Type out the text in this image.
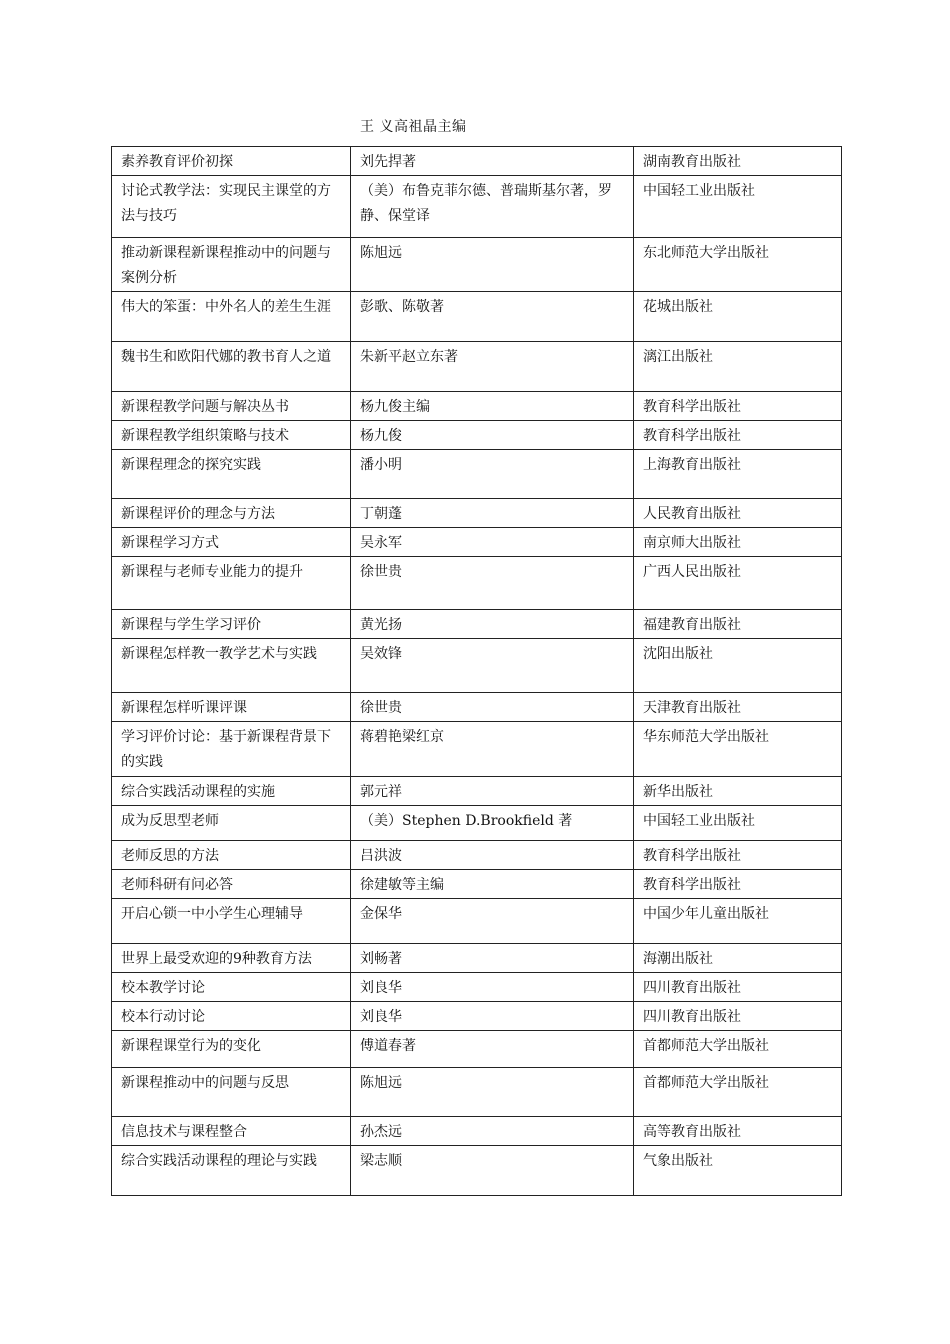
王 义高祖晶主编
素养教育评价初探	刘先捍著	湖南教育出版社
讨论式教学法：实现民主课堂的方法与技巧	（美）布鲁克菲尔德、普瑞斯基尔著，罗静、保堂译	中国轻工业出版社
推动新课程新课程推动中的问题与案例分析	陈旭远	东北师范大学出版社
伟大的笨蛋：中外名人的差生生涯	彭歌、陈敬著	花城出版社
魏书生和欧阳代娜的教书育人之道	朱新平赵立东著	漓江出版社
新课程教学问题与解决丛书	杨九俊主编	教育科学出版社
新课程教学组织策略与技术	杨九俊	教育科学出版社
新课程理念的探究实践	潘小明	上海教育出版社
新课程评价的理念与方法	丁朝蓬	人民教育出版社
新课程学习方式	吴永军	南京师大出版社
新课程与老师专业能力的提升	徐世贵	广西人民出版社
新课程与学生学习评价	黄光扬	福建教育出版社
新课程怎样教一教学艺术与实践	吴效锋	沈阳出版社
新课程怎样听课评课	徐世贵	天津教育出版社
学习评价讨论：基于新课程背景下的实践	蒋碧艳梁红京	华东师范大学出版社
综合实践活动课程的实施	郭元祥	新华出版社
成为反思型老师	（美）Stephen D.Brookfield 著	中国轻工业出版社
老师反思的方法	吕洪波	教育科学出版社
老师科研有问必答	徐建敏等主编	教育科学出版社
开启心锁一中小学生心理辅导	金保华	中国少年儿童出版社
世界上最受欢迎的9种教育方法	刘畅著	海潮出版社
校本教学讨论	刘良华	四川教育出版社
校本行动讨论	刘良华	四川教育出版社
新课程课堂行为的变化	傅道春著	首都师范大学出版社
新课程推动中的问题与反思	陈旭远	首都师范大学出版社
信息技术与课程整合	孙杰远	高等教育出版社
综合实践活动课程的理论与实践	梁志顺	气象出版社
